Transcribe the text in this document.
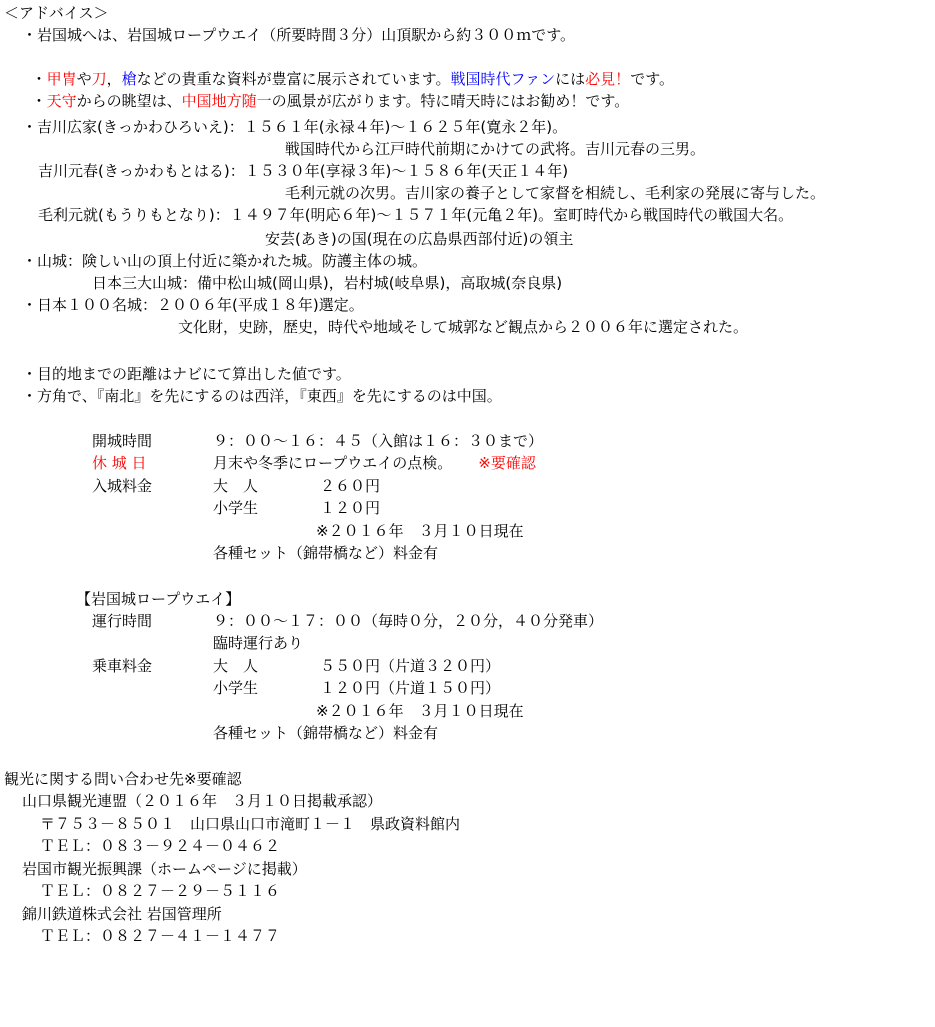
＜アドバイス＞
・岩国城へは、岩国城ロープウエイ（所要時間３分）山頂駅から約３００ｍです。

・甲冑や刀，槍などの貴重な資料が豊富に展示されています。戦国時代ファンには必見！です。

・天守からの眺望は、中国地方随一の風景が広がります。特に晴天時にはお勧め！です。

・吉川広家(きっかわひろいえ)：１５６１年(永禄４年)～１６２５年(寛永２年)。
戦国時代から江戸時代前期にかけての武将。吉川元春の三男。
吉川元春(きっかわもとはる)：１５３０年(享禄３年)～１５８６年(天正１４年)
毛利元就の次男。吉川家の養子として家督を相続し、毛利家の発展に寄与した。
毛利元就(もうりもとなり)：１４９７年(明応６年)～１５７１年(元亀２年)。室町時代から戦国時代の戦国大名。
安芸(あき)の国(現在の広島県西部付近)の領主
・山城：険しい山の頂上付近に築かれた城。防護主体の城。
日本三大山城：備中松山城(岡山県)，岩村城(岐阜県)，高取城(奈良県)
・日本１００名城：２００６年(平成１８年)選定。
文化財，史跡，歴史，時代や地域そして城郭など観点から２００６年に選定された。
・目的地までの距離はナビにて算出した値です。
・方角で、『南北』を先にするのは西洋，『東西』を先にするのは中国。
開城時間	９：００～１６：４５（入館は１６：３０まで）
休 城 日	月末や冬季にロープウエイの点検。 ※要確認
入城料金	大　人	２６０円
小学生	１２０円
※２０１６年　３月１０日現在
各種セット（錦帯橋など）料金有
【岩国城ロープウエイ】
運行時間	９：００～１７：００（毎時０分，２０分，４０分発車）
臨時運行あり
乗車料金	大　人	５５０円（片道３２０円）
小学生	１２０円（片道１５０円）
※２０１６年　３月１０日現在
各種セット（錦帯橋など）料金有
観光に関する問い合わせ先※要確認
山口県観光連盟（２０１６年　３月１０日掲載承認）
〒７５３－８５０１　山口県山口市滝町１－１　県政資料館内
ＴＥＬ：０８３－９２４－０４６２
岩国市観光振興課（ホームページに掲載）
ＴＥＬ：０８２７－２９－５１１６
錦川鉄道株式会社 岩国管理所
ＴＥＬ：０８２７－４１－１４７７
